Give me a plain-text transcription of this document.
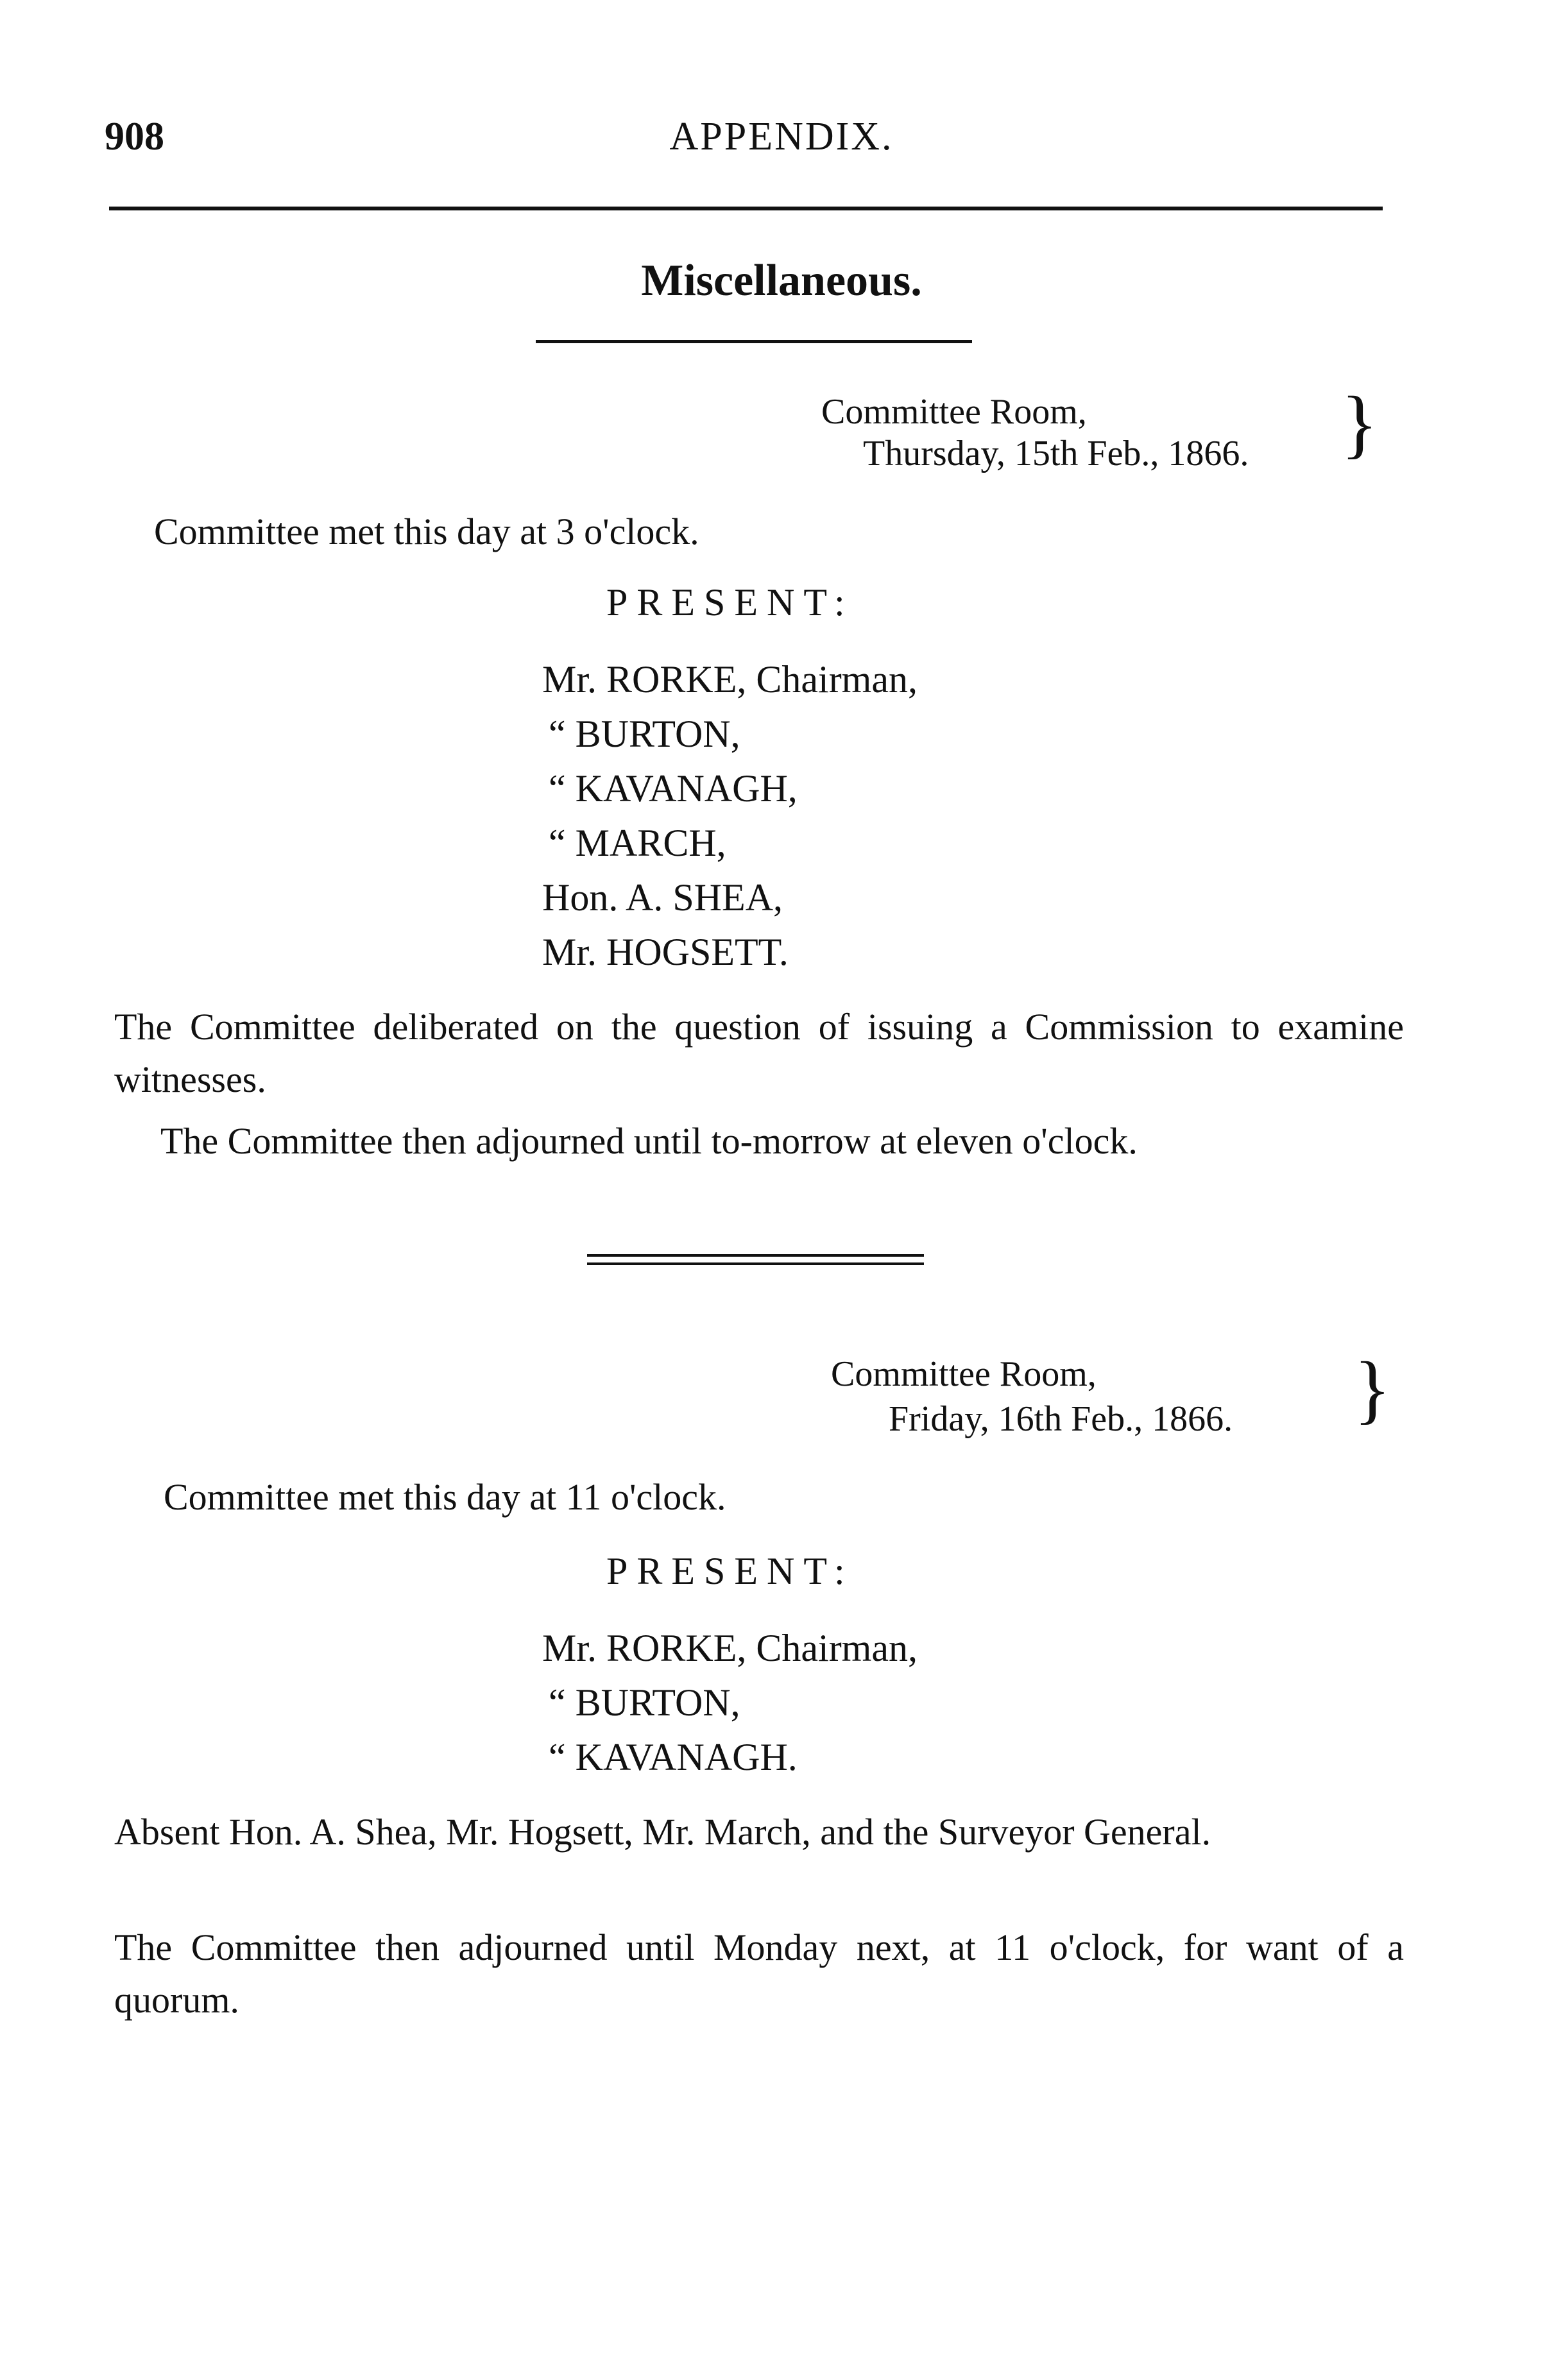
908	APPENDIX.
Miscellaneous.
Committee Room,
Thursday, 15th Feb., 1866. }
Committee met this day at 3 o'clock.
PRESENT:
Mr. RORKE, Chairman,
“ BURTON,
“ KAVANAGH,
“ MARCH,
Hon. A. SHEA,
Mr. HOGSETT.
The Committee deliberated on the question of issuing a Commission to examine witnesses.
The Committee then adjourned until to-morrow at eleven o'clock.
Committee Room,
Friday, 16th Feb., 1866. }
Committee met this day at 11 o'clock.
PRESENT:
Mr. RORKE, Chairman,
“ BURTON,
“ KAVANAGH.
Absent Hon. A. Shea, Mr. Hogsett, Mr. March, and the Surveyor General.
The Committee then adjourned until Monday next, at 11 o'clock, for want of a quorum.
